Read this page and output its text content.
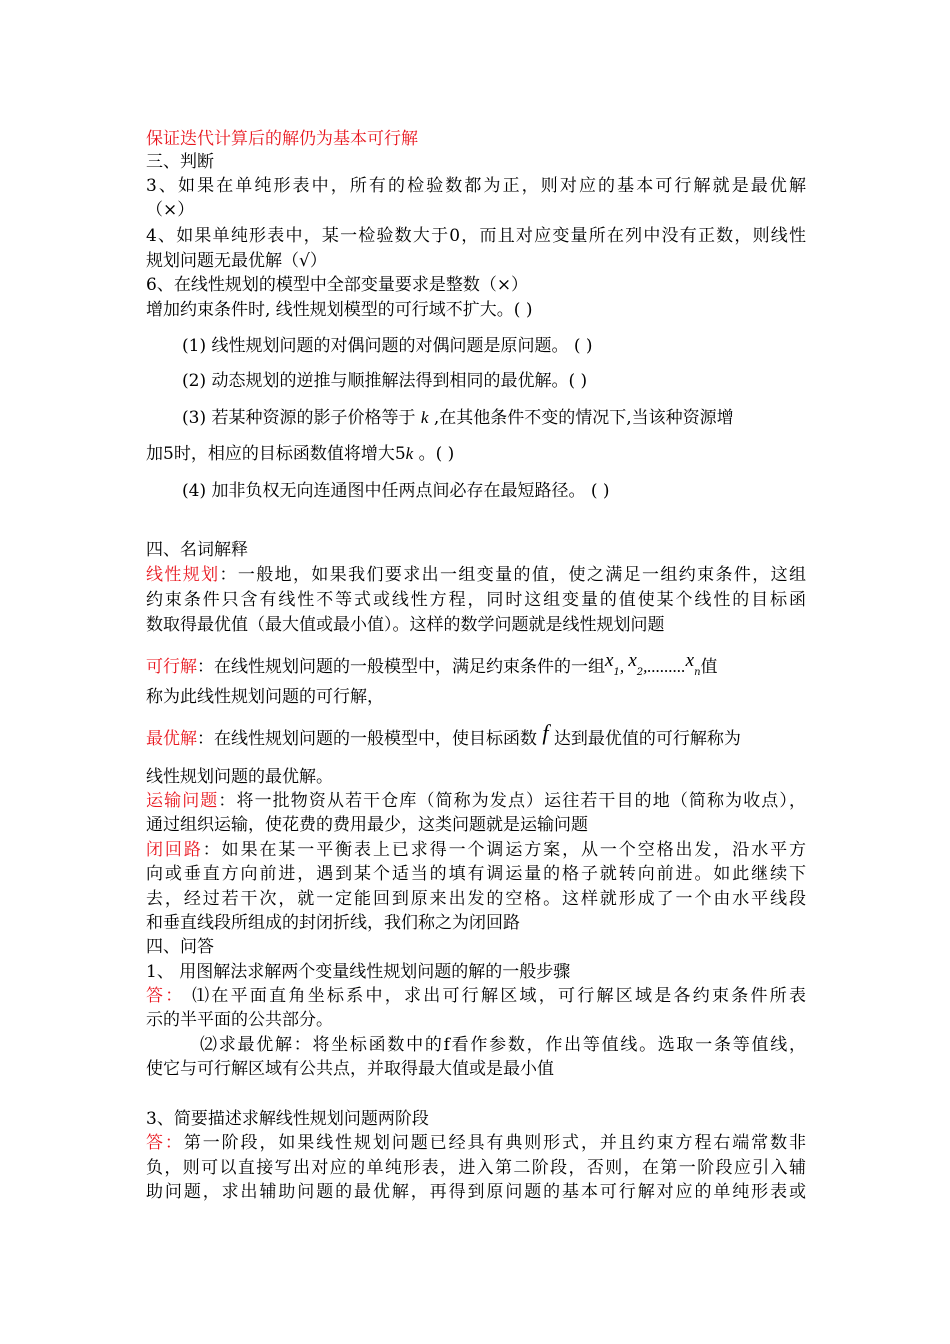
保证迭代计算后的解仍为基本可行解
三、判断
3、如果在单纯形表中，所有的检验数都为正，则对应的基本可行解就是最优解
（×）
4、如果单纯形表中，某一检验数大于0，而且对应变量所在列中没有正数，则线性
规划问题无最优解（√）
6、在线性规划的模型中全部变量要求是整数（×）
增加约束条件时, 线性规划模型的可行域不扩大。( )
(1) 线性规划问题的对偶问题的对偶问题是原问题。 ( )
(2) 动态规划的逆推与顺推解法得到相同的最优解。( )
(3) 若某种资源的影子价格等于 k ,在其他条件不变的情况下,当该种资源增
加5时，相应的目标函数值将增大5k 。( )
(4) 加非负权无向连通图中任两点间必存在最短路径。 ( )
四、名词解释
线性规划：一般地，如果我们要求出一组变量的值，使之满足一组约束条件，这组
约束条件只含有线性不等式或线性方程，同时这组变量的值使某个线性的目标函
数取得最优值（最大值或最小值）。这样的数学问题就是线性规划问题
可行解：在线性规划问题的一般模型中，满足约束条件的一组$x_1$, $x_2,.........x_n$值
称为此线性规划问题的可行解，
最优解：在线性规划问题的一般模型中，使目标函数 f 达到最优值的可行解称为
线性规划问题的最优解。
运输问题：将一批物资从若干仓库（简称为发点）运往若干目的地（简称为收点），
通过组织运输，使花费的费用最少，这类问题就是运输问题
闭回路：如果在某一平衡表上已求得一个调运方案，从一个空格出发，沿水平方
向或垂直方向前进，遇到某个适当的填有调运量的格子就转向前进。如此继续下
去，经过若干次，就一定能回到原来出发的空格。这样就形成了一个由水平线段
和垂直线段所组成的封闭折线，我们称之为闭回路
四、问答
1、 用图解法求解两个变量线性规划问题的解的一般步骤
答： ⑴在平面直角坐标系中，求出可行解区域，可行解区域是各约束条件所表
示的半平面的公共部分。
⑵求最优解：将坐标函数中的f看作参数，作出等值线。选取一条等值线，
使它与可行解区域有公共点，并取得最大值或是最小值
3、简要描述求解线性规划问题两阶段
答：第一阶段，如果线性规划问题已经具有典则形式，并且约束方程右端常数非
负，则可以直接写出对应的单纯形表，进入第二阶段，否则，在第一阶段应引入辅
助问题，求出辅助问题的最优解，再得到原问题的基本可行解对应的单纯形表或
